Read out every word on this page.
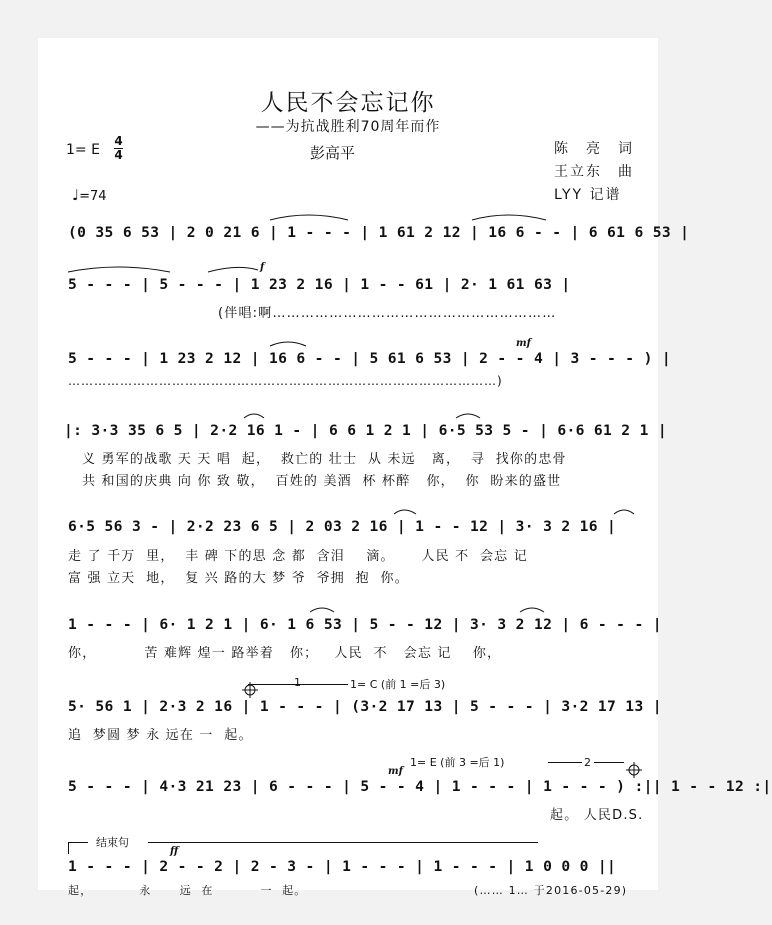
人民不会忘记你
——为抗战胜利70周年而作
1= E
4
4	彭高平	陈　亮　词
王立东　曲
LYY 记谱
♩=74
(0 35 6 53 | 2 0 21 6 | 1 - - - | 1 61 2 12 | 16 6 - - | 6 61 6 53 |
5 - - - | 5 - - - | 1 23 2 16 | 1 - - 61 | 2· 1 61 63 |
f
(伴唱:啊……………………………………………………
5 - - - | 1 23 2 12 | 16 6 - - | 5 61 6 53 | 2 - - 4 | 3 - - - ) |
mf
………………………………………………………………………………………)
|: 3·3 35 6 5 | 2·2 16 1 - | 6 6 1 2 1 | 6·5 53 5 - | 6·6 61 2 1 |
义 勇军的战歌 天 天 唱  起，  救亡的 壮士  从 未远   离，  寻  找你的忠骨
共 和国的庆典 向 你 致 敬，  百姓的 美酒  杯 杯醉   你，  你  盼来的盛世
6·5 56 3 - | 2·2 23 6 5 | 2 03 2 16 | 1 - - 12 | 3· 3 2 16 |
走 了 千万  里，  丰 碑 下的思 念 都  含泪    滴。     人民 不  会忘 记
富 强 立天  地，  复 兴 路的大 梦 爷  爷拥  抱  你。
1 - - - | 6· 1 2 1 | 6· 1 6 53 | 5 - - 12 | 3· 3 2 12 | 6 - - - |
你，         苦 难辉 煌一 路举着   你；   人民  不   会忘 记    你，
5· 56 1 | 2·3 2 16 | 1 - - - | (3·2 17 13 | 5 - - - | 3·2 17 13 |
1	1= C (前 1 =后 3)
追  梦圆 梦 永 远在 一  起。
5 - - - | 4·3 21 23 | 6 - - - | 5 - - 4 | 1 - - - | 1 - - - ) :|| 1 - - 12 :|
1= E (前 3 =后 1)	2
mf
起。 人民D.S.
结束句
1 - - - | 2 - - 2 | 2 - 3 - | 1 - - - | 1 - - - | 1 0 0 0 ||
ff
起，          永      远  在          一  起。	(…… 1… 于2016-05-29)
